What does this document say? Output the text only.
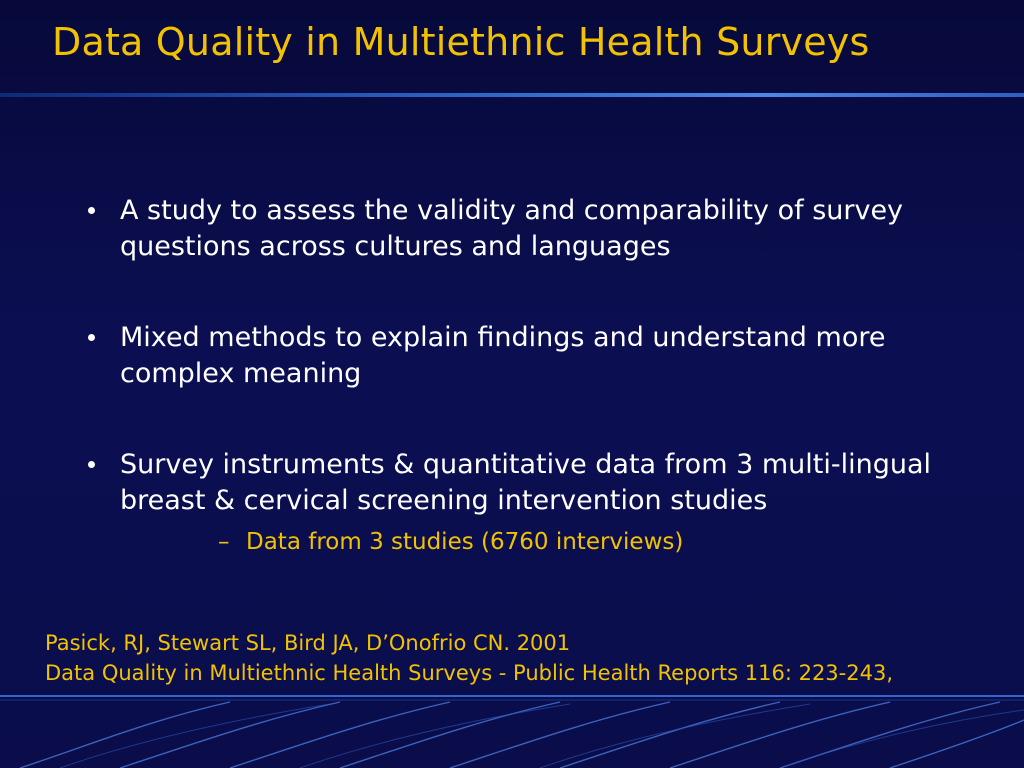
Data Quality in Multiethnic Health Surveys
A study to assess the validity and comparability of survey questions across cultures and languages
Mixed methods to explain findings and understand more complex meaning
Survey instruments & quantitative data from 3 multi-lingual breast & cervical screening intervention studies
– Data from 3 studies (6760 interviews)
Pasick, RJ, Stewart SL, Bird JA, D’Onofrio CN. 2001
Data Quality in Multiethnic Health Surveys - Public Health Reports 116: 223-243,
